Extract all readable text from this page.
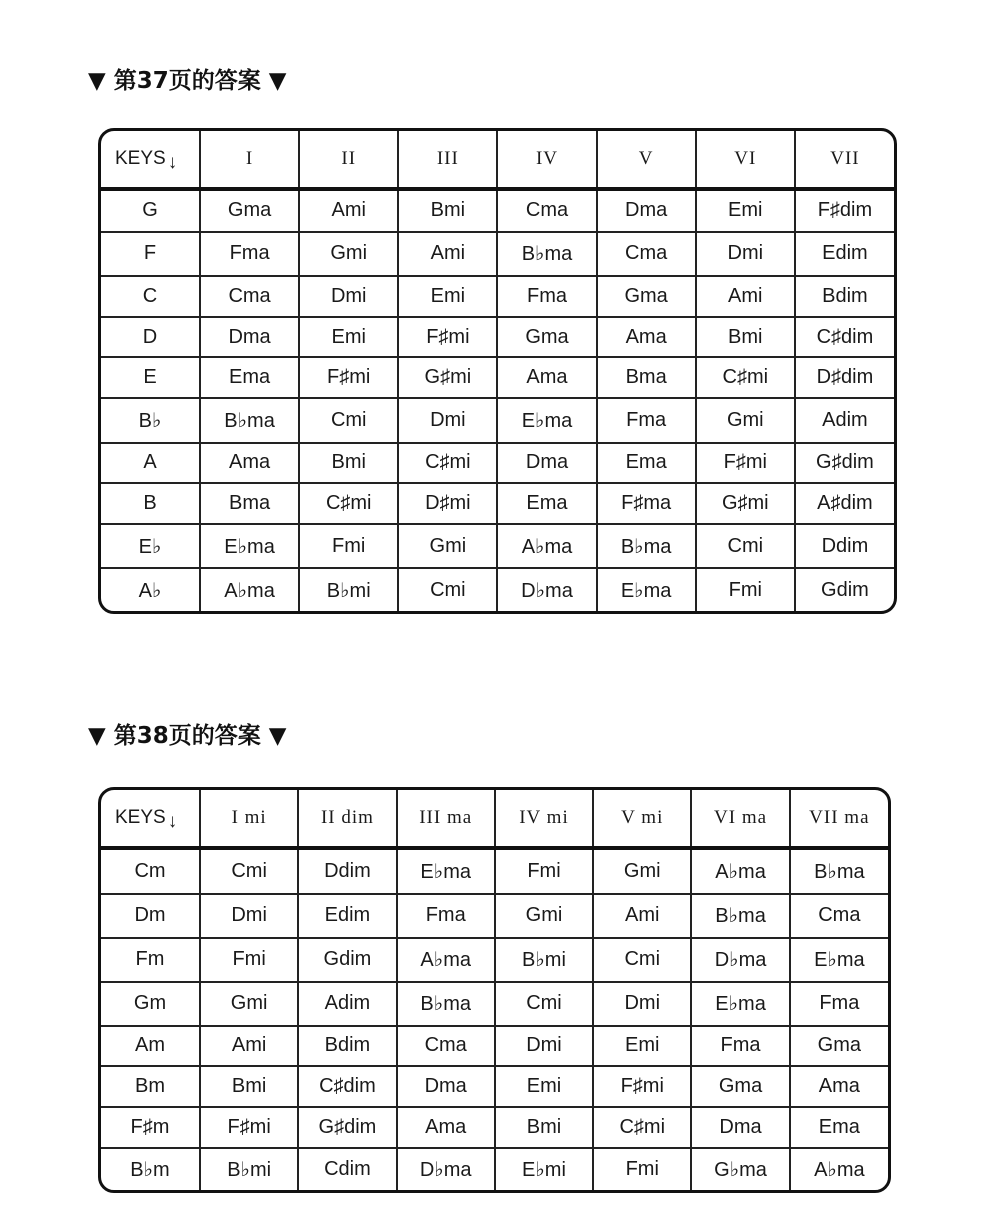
▼ 第37页的答案 ▼
KEYS ↓	I	II	III	IV	V	VI	VII
G	Gma	Ami	Bmi	Cma	Dma	Emi	F♯dim
F	Fma	Gmi	Ami	B♭ma	Cma	Dmi	Edim
C	Cma	Dmi	Emi	Fma	Gma	Ami	Bdim
D	Dma	Emi	F♯mi	Gma	Ama	Bmi	C♯dim
E	Ema	F♯mi	G♯mi	Ama	Bma	C♯mi	D♯dim
B♭	B♭ma	Cmi	Dmi	E♭ma	Fma	Gmi	Adim
A	Ama	Bmi	C♯mi	Dma	Ema	F♯mi	G♯dim
B	Bma	C♯mi	D♯mi	Ema	F♯ma	G♯mi	A♯dim
E♭	E♭ma	Fmi	Gmi	A♭ma	B♭ma	Cmi	Ddim
A♭	A♭ma	B♭mi	Cmi	D♭ma	E♭ma	Fmi	Gdim
▼ 第38页的答案 ▼
KEYS ↓	I mi	II dim	III ma	IV mi	V mi	VI ma	VII ma
Cm	Cmi	Ddim	E♭ma	Fmi	Gmi	A♭ma	B♭ma
Dm	Dmi	Edim	Fma	Gmi	Ami	B♭ma	Cma
Fm	Fmi	Gdim	A♭ma	B♭mi	Cmi	D♭ma	E♭ma
Gm	Gmi	Adim	B♭ma	Cmi	Dmi	E♭ma	Fma
Am	Ami	Bdim	Cma	Dmi	Emi	Fma	Gma
Bm	Bmi	C♯dim	Dma	Emi	F♯mi	Gma	Ama
F♯m	F♯mi	G♯dim	Ama	Bmi	C♯mi	Dma	Ema
B♭m	B♭mi	Cdim	D♭ma	E♭mi	Fmi	G♭ma	A♭ma
